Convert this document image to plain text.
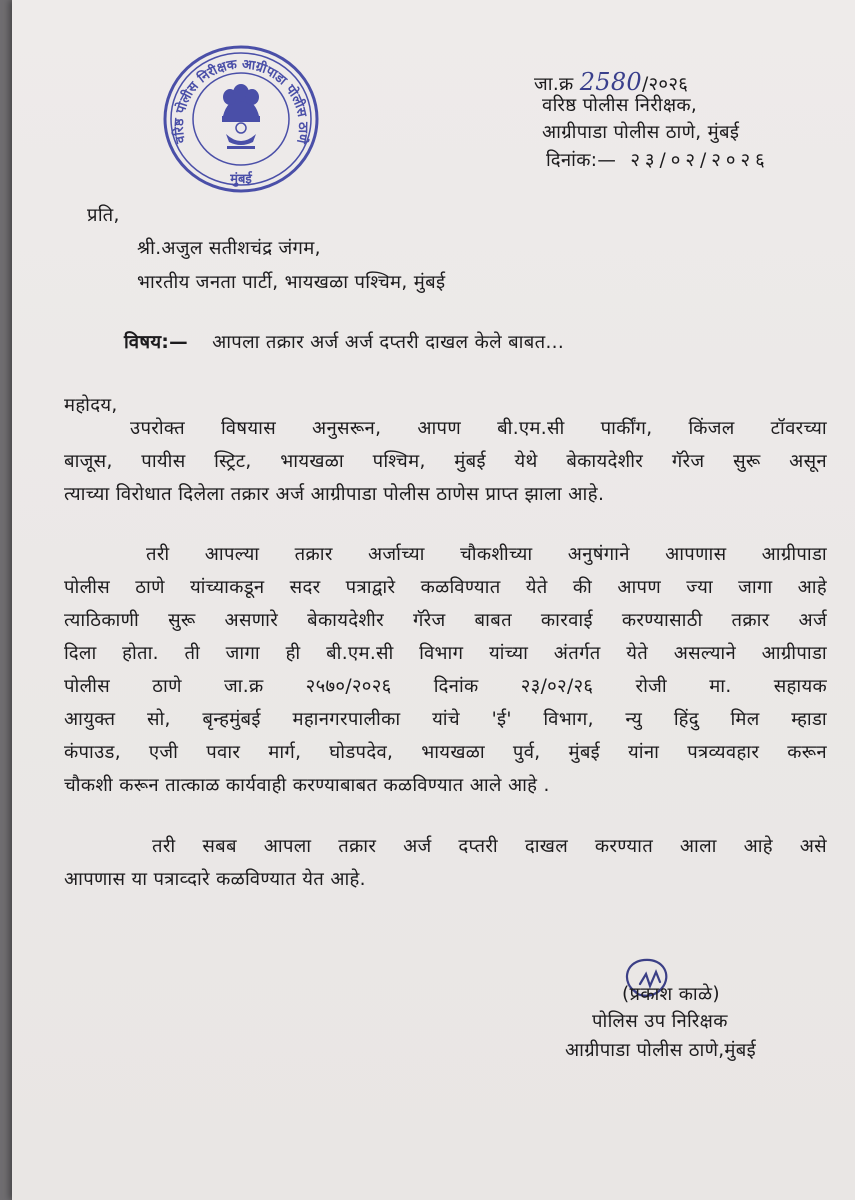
वरिष्ठ पोलीस निरीक्षक आग्रीपाडा पोलीस ठाणे
मुंबई
जा.क्र 2580/२०२६
वरिष्ठ पोलीस निरीक्षक,
आग्रीपाडा पोलीस ठाणे, मुंबई
दिनांक:— २३/०२/२०२६
प्रति,
श्री.अजुल सतीशचंद्र जंगम,
भारतीय जनता पार्टी, भायखळा पश्चिम, मुंबई
विषय:— आपला तक्रार अर्ज अर्ज दप्तरी दाखल केले बाबत...
महोदय,
उपरोक्त विषयास अनुसरून, आपण बी.एम.सी पार्कींग, किंजल टॉवरच्या
बाजूस, पायीस स्ट्रिट, भायखळा पश्चिम, मुंबई येथे बेकायदेशीर गॅरेज सुरू असून
त्याच्या विरोधात दिलेला तक्रार अर्ज आग्रीपाडा पोलीस ठाणेस प्राप्त झाला आहे.
तरी आपल्या तक्रार अर्जाच्या चौकशीच्या अनुषंगाने आपणास आग्रीपाडा
पोलीस ठाणे यांच्याकडून सदर पत्राद्वारे कळविण्यात येते की आपण ज्या जागा आहे
त्याठिकाणी सुरू असणारे बेकायदेशीर गॅरेज बाबत कारवाई करण्यासाठी तक्रार अर्ज
दिला होता. ती जागा ही बी.एम.सी विभाग यांच्या अंतर्गत येते असल्याने आग्रीपाडा
पोलीस ठाणे जा.क्र २५७०/२०२६ दिनांक २३/०२/२६ रोजी मा. सहायक
आयुक्त सो, बृन्हमुंबई महानगरपालीका यांचे 'ई' विभाग, न्यु हिंदु मिल म्हाडा
कंपाउड, एजी पवार मार्ग, घोडपदेव, भायखळा पुर्व, मुंबई यांना पत्रव्यवहार करून
चौकशी करून तात्काळ कार्यवाही करण्याबाबत कळविण्यात आले आहे .
तरी सबब आपला तक्रार अर्ज दप्तरी दाखल करण्यात आला आहे असे
आपणास या पत्राव्दारे कळविण्यात येत आहे.
(प्रकाश काळे)
पोलिस उप निरिक्षक
आग्रीपाडा पोलीस ठाणे,मुंबई
